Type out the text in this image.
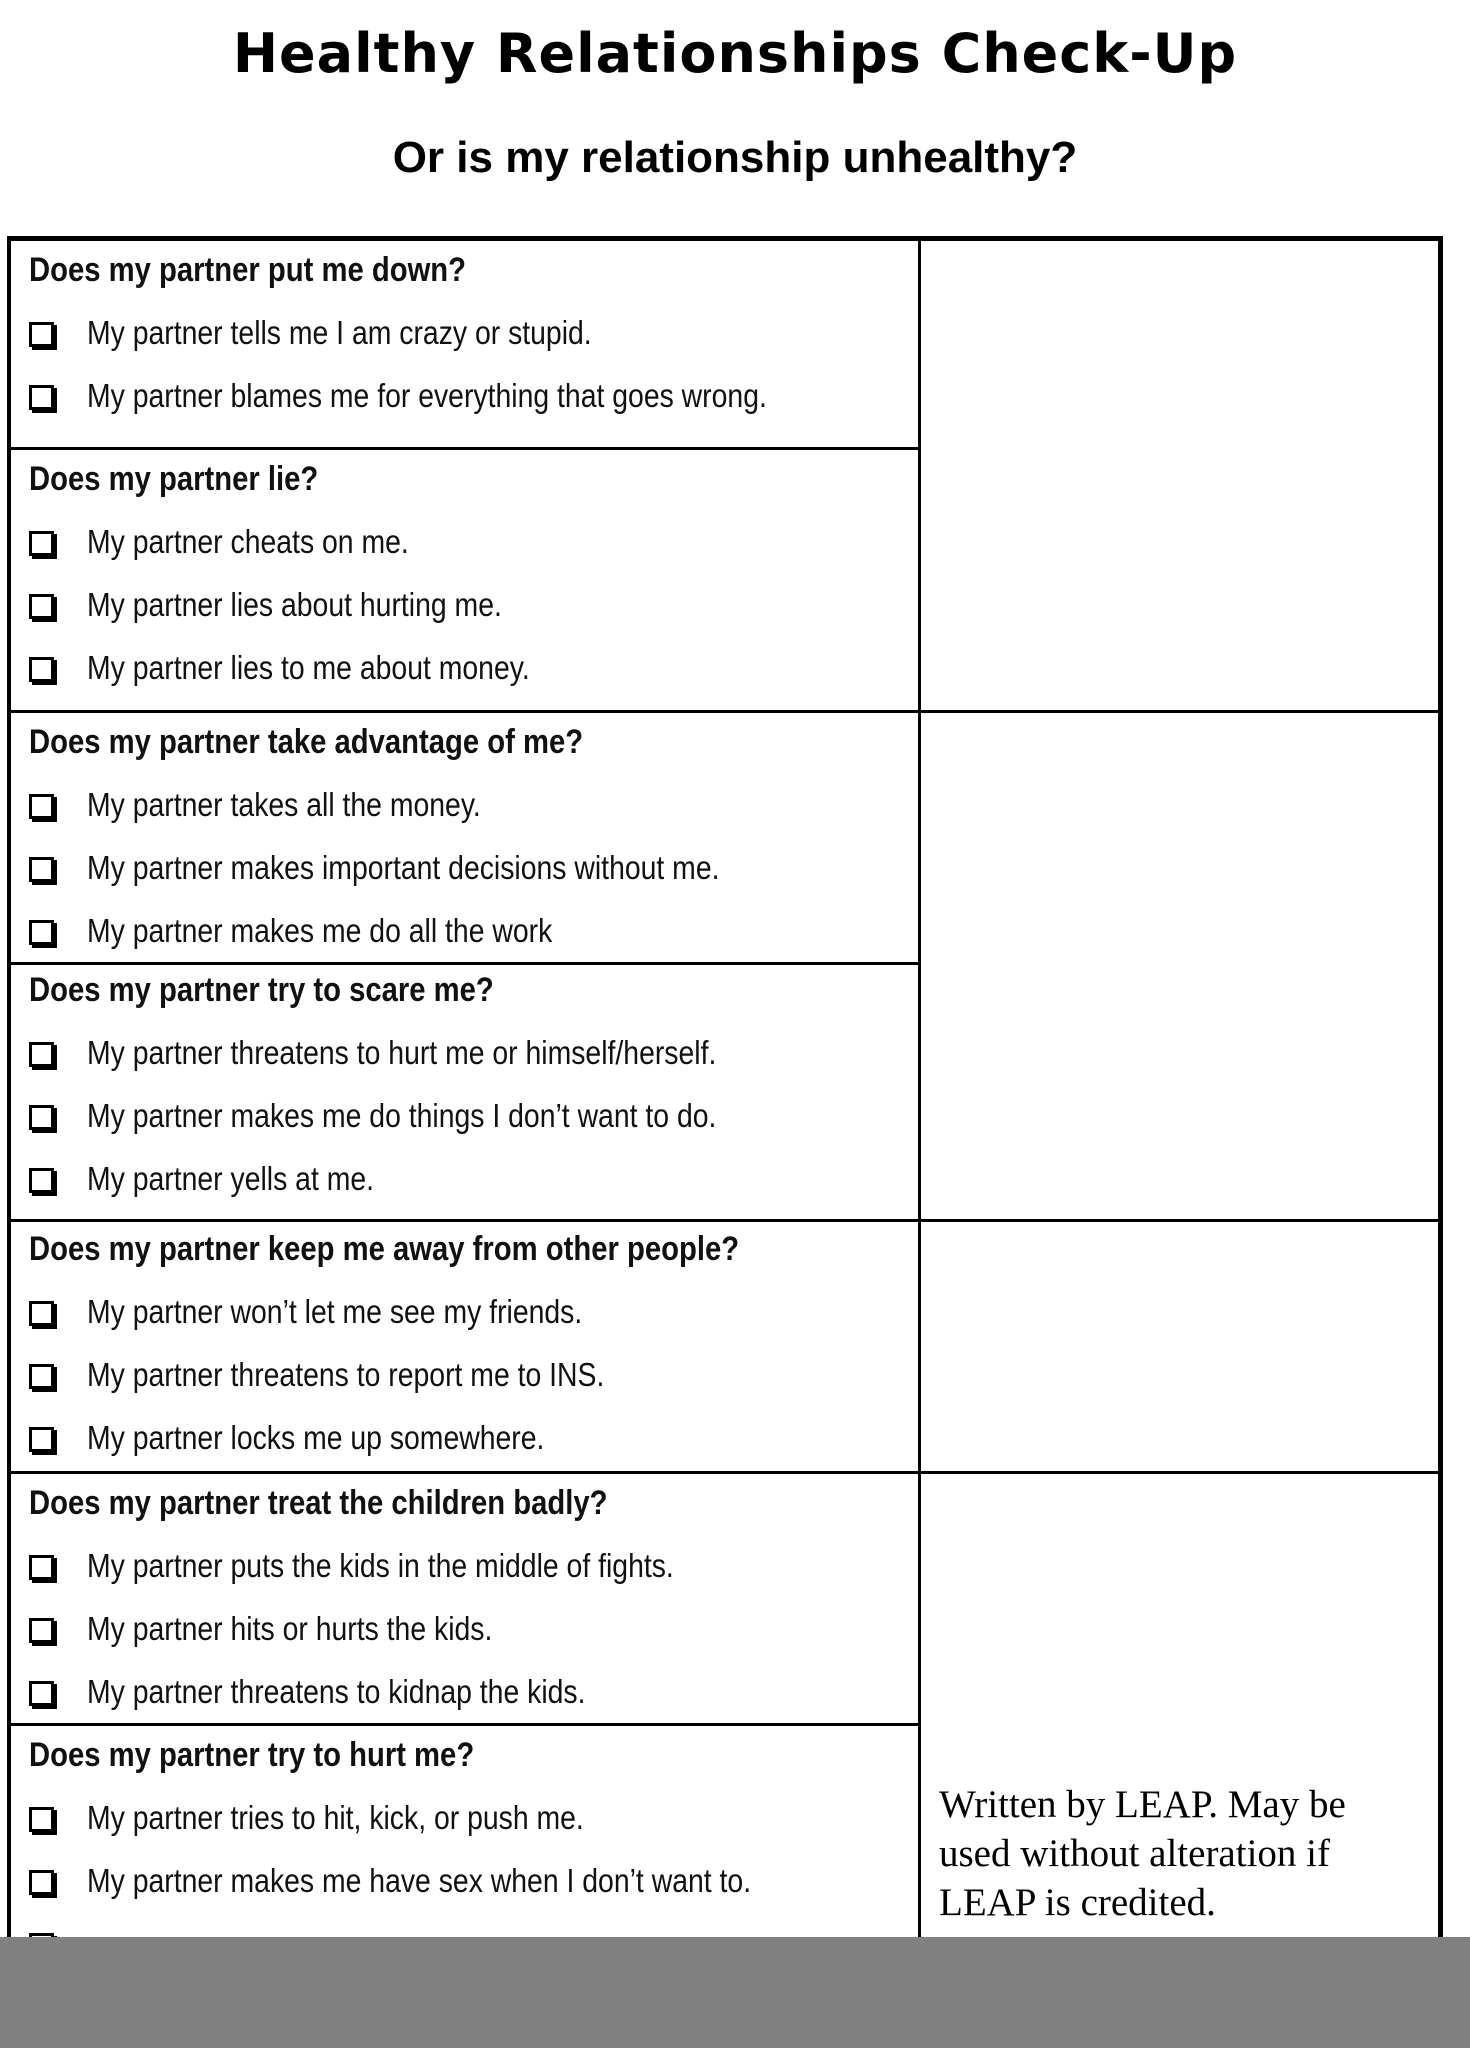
Healthy Relationships Check-Up
Or is my relationship unhealthy?
Does my partner put me down?
My partner tells me I am crazy or stupid.
My partner blames me for everything that goes wrong.
Does my partner lie?
My partner cheats on me.
My partner lies about hurting me.
My partner lies to me about money.
Does my partner take advantage of me?
My partner takes all the money.
My partner makes important decisions without me.
My partner makes me do all the work
Does my partner try to scare me?
My partner threatens to hurt me or himself/herself.
My partner makes me do things I don’t want to do.
My partner yells at me.
Does my partner keep me away from other people?
My partner won’t let me see my friends.
My partner threatens to report me to INS.
My partner locks me up somewhere.
Does my partner treat the children badly?
My partner puts the kids in the middle of fights.
My partner hits or hurts the kids.
My partner threatens to kidnap the kids.
Does my partner try to hurt me?
My partner tries to hit, kick, or push me.
My partner makes me have sex when I don’t want to.
Written by LEAP. May be used without alteration if LEAP is credited.
